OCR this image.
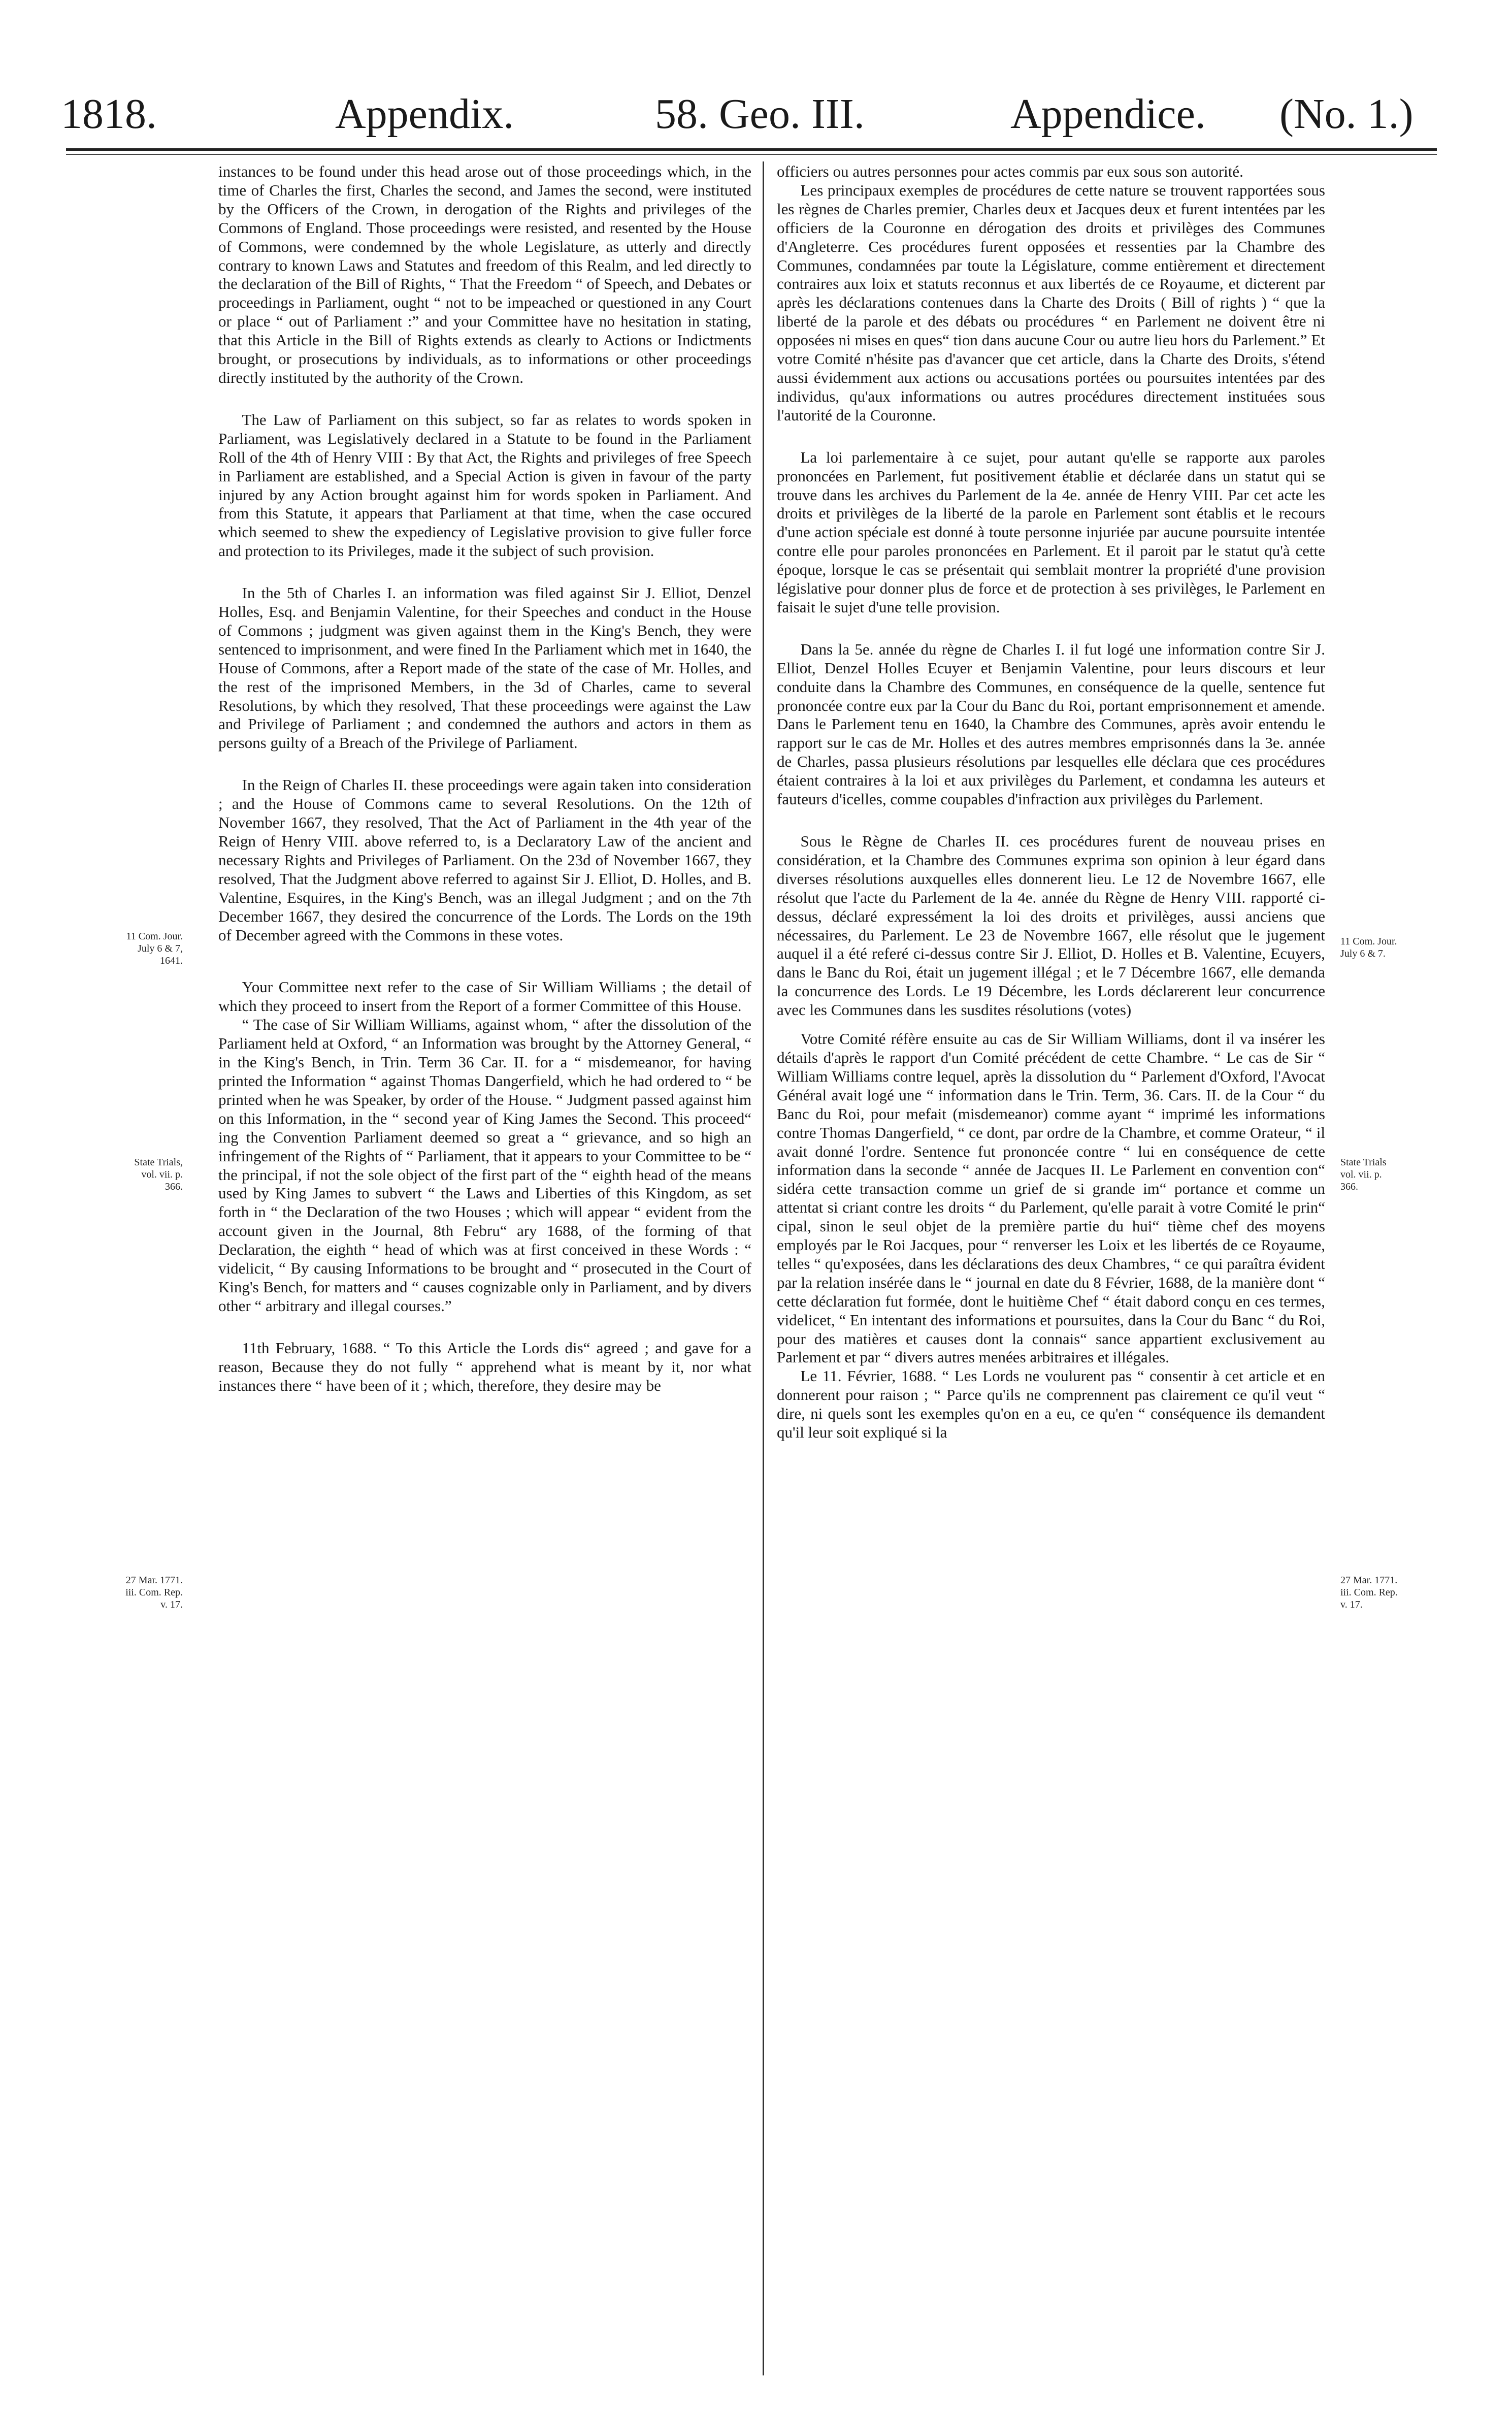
1818.	Appendix.	58. Geo. III.	Appendice. (No. 1.)
11 Com. Jour. July 6 & 7, 1641.
State Trials, vol. vii. p. 366.
27 Mar. 1771. iii. Com. Rep. v. 17.
11 Com. Jour. July 6 & 7.
State Trials vol. vii. p. 366.
27 Mar. 1771. iii. Com. Rep. v. 17.

instances to be found under this head arose out of those proceedings which, in the time of Charles the first, Charles the second, and James the second, were instituted by the Officers of the Crown, in derogation of the Rights and privileges of the Commons of England. Those proceedings were resisted, and resented by the House of Commons, were condemned by the whole Legislature, as utterly and directly contrary to known Laws and Statutes and freedom of this Realm, and led directly to the declaration of the Bill of Rights, “ That the Freedom “ of Speech, and Debates or proceedings in Parliament, ought “ not to be impeached or questioned in any Court or place “ out of Parliament :” and your Committee have no hesitation in stating, that this Article in the Bill of Rights extends as clearly to Actions or Indictments brought, or prosecutions by individuals, as to informations or other proceedings directly instituted by the authority of the Crown.

The Law of Parliament on this subject, so far as relates to words spoken in Parliament, was Legislatively declared in a Statute to be found in the Parliament Roll of the 4th of Henry VIII : By that Act, the Rights and privileges of free Speech in Parliament are established, and a Special Action is given in favour of the party injured by any Action brought against him for words spoken in Parliament. And from this Statute, it appears that Parliament at that time, when the case occured which seemed to shew the expediency of Legislative provision to give fuller force and protection to its Privileges, made it the subject of such provision.

In the 5th of Charles I. an information was filed against Sir J. Elliot, Denzel Holles, Esq. and Benjamin Valentine, for their Speeches and conduct in the House of Commons ; judgment was given against them in the King's Bench, they were sentenced to imprisonment, and were fined In the Parliament which met in 1640, the House of Commons, after a Report made of the state of the case of Mr. Holles, and the rest of the imprisoned Members, in the 3d of Charles, came to several Resolutions, by which they resolved, That these proceedings were against the Law and Privilege of Parliament ; and condemned the authors and actors in them as persons guilty of a Breach of the Privilege of Parliament.

In the Reign of Charles II. these proceedings were again taken into consideration ; and the House of Commons came to several Resolutions. On the 12th of November 1667, they resolved, That the Act of Parliament in the 4th year of the Reign of Henry VIII. above referred to, is a Declaratory Law of the ancient and necessary Rights and Privileges of Parliament. On the 23d of November 1667, they resolved, That the Judgment above referred to against Sir J. Elliot, D. Holles, and B. Valentine, Esquires, in the King's Bench, was an illegal Judgment ; and on the 7th December 1667, they desired the concurrence of the Lords. The Lords on the 19th of December agreed with the Commons in these votes.

Your Committee next refer to the case of Sir William Williams ; the detail of which they proceed to insert from the Report of a former Committee of this House.

“ The case of Sir William Williams, against whom, “ after the dissolution of the Parliament held at Oxford, “ an Information was brought by the Attorney General, “ in the King's Bench, in Trin. Term 36 Car. II. for a “ misdemeanor, for having printed the Information “ against Thomas Dangerfield, which he had ordered to “ be printed when he was Speaker, by order of the House. “ Judgment passed against him on this Information, in the “ second year of King James the Second. This proceed“ ing the Convention Parliament deemed so great a “ grievance, and so high an infringement of the Rights of “ Parliament, that it appears to your Committee to be “ the principal, if not the sole object of the first part of the “ eighth head of the means used by King James to subvert “ the Laws and Liberties of this Kingdom, as set forth in “ the Declaration of the two Houses ; which will appear “ evident from the account given in the Journal, 8th Febru“ ary 1688, of the forming of that Declaration, the eighth “ head of which was at first conceived in these Words : “ videlicit, “ By causing Informations to be brought and “ prosecuted in the Court of King's Bench, for matters and “ causes cognizable only in Parliament, and by divers other “ arbitrary and illegal courses.”

11th February, 1688. “ To this Article the Lords dis“ agreed ; and gave for a reason, Because they do not fully “ apprehend what is meant by it, nor what instances there “ have been of it ; which, therefore, they desire may be

officiers ou autres personnes pour actes commis par eux sous son autorité.

Les principaux exemples de procédures de cette nature se trouvent rapportées sous les règnes de Charles premier, Charles deux et Jacques deux et furent intentées par les officiers de la Couronne en dérogation des droits et privilèges des Communes d'Angleterre. Ces procédures furent opposées et ressenties par la Chambre des Communes, condamnées par toute la Législature, comme entièrement et directement contraires aux loix et statuts reconnus et aux libertés de ce Royaume, et dicterent par après les déclarations contenues dans la Charte des Droits ( Bill of rights ) “ que la liberté de la parole et des débats ou procédures “ en Parlement ne doivent être ni opposées ni mises en ques“ tion dans aucune Cour ou autre lieu hors du Parlement.” Et votre Comité n'hésite pas d'avancer que cet article, dans la Charte des Droits, s'étend aussi évidemment aux actions ou accusations portées ou poursuites intentées par des individus, qu'aux informations ou autres procédures directement instituées sous l'autorité de la Couronne.

La loi parlementaire à ce sujet, pour autant qu'elle se rapporte aux paroles prononcées en Parlement, fut positivement établie et déclarée dans un statut qui se trouve dans les archives du Parlement de la 4e. année de Henry VIII. Par cet acte les droits et privilèges de la liberté de la parole en Parlement sont établis et le recours d'une action spéciale est donné à toute personne injuriée par aucune poursuite intentée contre elle pour paroles prononcées en Parlement. Et il paroit par le statut qu'à cette époque, lorsque le cas se présentait qui semblait montrer la propriété d'une provision législative pour donner plus de force et de protection à ses privilèges, le Parlement en faisait le sujet d'une telle provision.

Dans la 5e. année du règne de Charles I. il fut logé une information contre Sir J. Elliot, Denzel Holles Ecuyer et Benjamin Valentine, pour leurs discours et leur conduite dans la Chambre des Communes, en conséquence de la quelle, sentence fut prononcée contre eux par la Cour du Banc du Roi, portant emprisonnement et amende. Dans le Parlement tenu en 1640, la Chambre des Communes, après avoir entendu le rapport sur le cas de Mr. Holles et des autres membres emprisonnés dans la 3e. année de Charles, passa plusieurs résolutions par lesquelles elle déclara que ces procédures étaient contraires à la loi et aux privilèges du Parlement, et condamna les auteurs et fauteurs d'icelles, comme coupables d'infraction aux privilèges du Parlement.

Sous le Règne de Charles II. ces procédures furent de nouveau prises en considération, et la Chambre des Communes exprima son opinion à leur égard dans diverses résolutions auxquelles elles donnerent lieu. Le 12 de Novembre 1667, elle résolut que l'acte du Parlement de la 4e. année du Règne de Henry VIII. rapporté ci-dessus, déclaré expressément la loi des droits et privilèges, aussi anciens que nécessaires, du Parlement. Le 23 de Novembre 1667, elle résolut que le jugement auquel il a été referé ci-dessus contre Sir J. Elliot, D. Holles et B. Valentine, Ecuyers, dans le Banc du Roi, était un jugement illégal ; et le 7 Décembre 1667, elle demanda la concurrence des Lords. Le 19 Décembre, les Lords déclarerent leur concurrence avec les Communes dans les susdites résolutions (votes)

Votre Comité réfère ensuite au cas de Sir William Williams, dont il va insérer les détails d'après le rapport d'un Comité précédent de cette Chambre. “ Le cas de Sir “ William Williams contre lequel, après la dissolution du “ Parlement d'Oxford, l'Avocat Général avait logé une “ information dans le Trin. Term, 36. Cars. II. de la Cour “ du Banc du Roi, pour mefait (misdemeanor) comme ayant “ imprimé les informations contre Thomas Dangerfield, “ ce dont, par ordre de la Chambre, et comme Orateur, “ il avait donné l'ordre. Sentence fut prononcée contre “ lui en conséquence de cette information dans la seconde “ année de Jacques II. Le Parlement en convention con“ sidéra cette transaction comme un grief de si grande im“ portance et comme un attentat si criant contre les droits “ du Parlement, qu'elle parait à votre Comité le prin“ cipal, sinon le seul objet de la première partie du hui“ tième chef des moyens employés par le Roi Jacques, pour “ renverser les Loix et les libertés de ce Royaume, telles “ qu'exposées, dans les déclarations des deux Chambres, “ ce qui paraîtra évident par la relation insérée dans le “ journal en date du 8 Février, 1688, de la manière dont “ cette déclaration fut formée, dont le huitième Chef “ était dabord conçu en ces termes, videlicet, “ En intentant des informations et poursuites, dans la Cour du Banc “ du Roi, pour des matières et causes dont la connais“ sance appartient exclusivement au Parlement et par “ divers autres menées arbitraires et illégales.

Le 11. Février, 1688. “ Les Lords ne voulurent pas “ consentir à cet article et en donnerent pour raison ; “ Parce qu'ils ne comprennent pas clairement ce qu'il veut “ dire, ni quels sont les exemples qu'on en a eu, ce qu'en “ conséquence ils demandent qu'il leur soit expliqué si la
